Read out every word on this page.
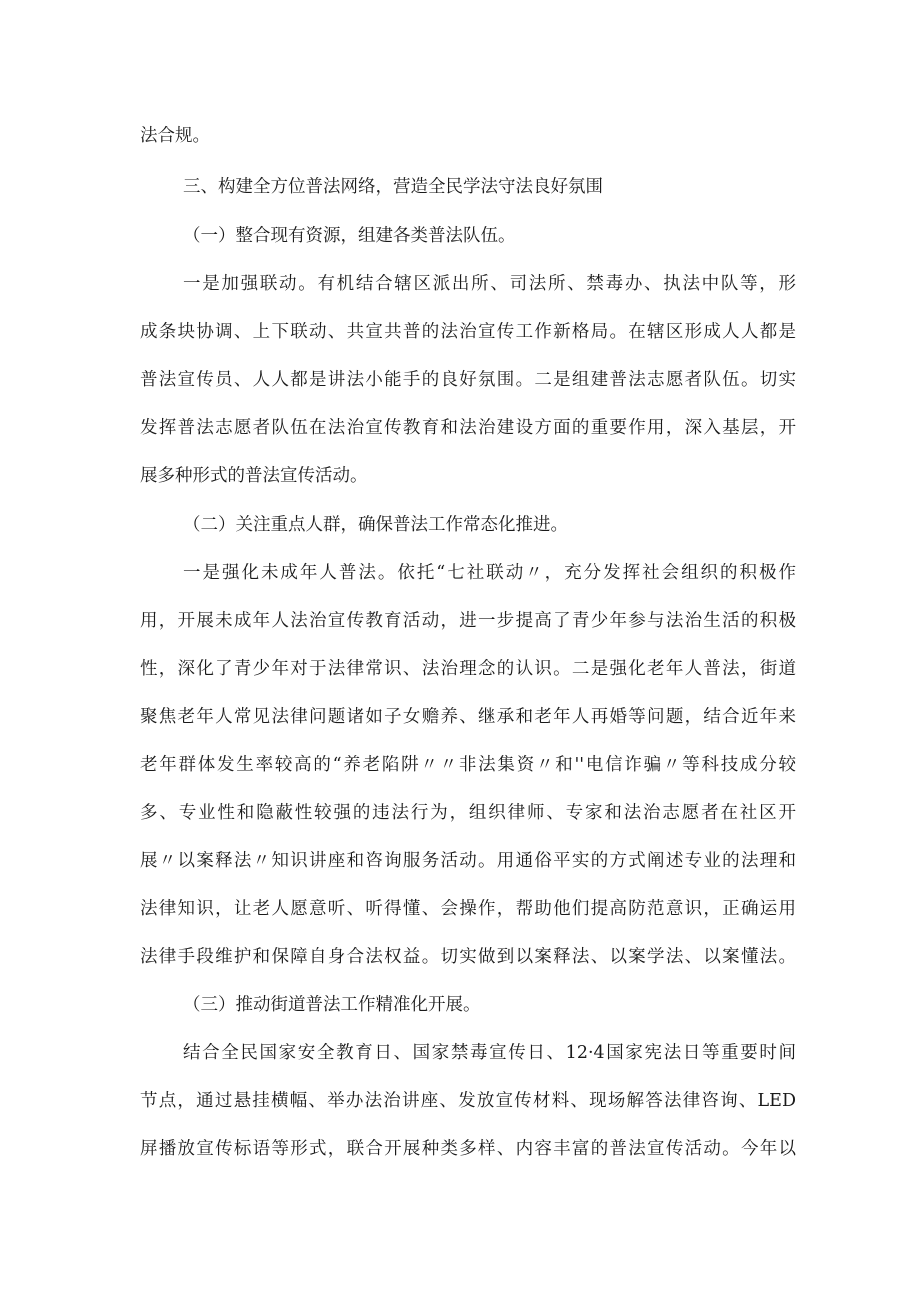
法合规。

三、构建全方位普法网络，营造全民学法守法良好氛围

（一）整合现有资源，组建各类普法队伍。

一是加强联动。有机结合辖区派出所、司法所、禁毒办、执法中队等，形

成条块协调、上下联动、共宣共普的法治宣传工作新格局。在辖区形成人人都是

普法宣传员、人人都是讲法小能手的良好氛围。二是组建普法志愿者队伍。切实

发挥普法志愿者队伍在法治宣传教育和法治建设方面的重要作用，深入基层，开

展多种形式的普法宣传活动。

（二）关注重点人群，确保普法工作常态化推进。

一是强化未成年人普法。依托“七社联动〃，充分发挥社会组织的积极作

用，开展未成年人法治宣传教育活动，进一步提高了青少年参与法治生活的积极

性，深化了青少年对于法律常识、法治理念的认识。二是强化老年人普法，街道

聚焦老年人常见法律问题诸如子女赡养、继承和老年人再婚等问题，结合近年来

老年群体发生率较高的“养老陷阱〃〃非法集资〃和''电信诈骗〃等科技成分较

多、专业性和隐蔽性较强的违法行为，组织律师、专家和法治志愿者在社区开

展〃以案释法〃知识讲座和咨询服务活动。用通俗平实的方式阐述专业的法理和

法律知识，让老人愿意听、听得懂、会操作，帮助他们提高防范意识，正确运用

法律手段维护和保障自身合法权益。切实做到以案释法、以案学法、以案懂法。

（三）推动街道普法工作精准化开展。

结合全民国家安全教育日、国家禁毒宣传日、12·4国家宪法日等重要时间

节点，通过悬挂横幅、举办法治讲座、发放宣传材料、现场解答法律咨询、LED

屏播放宣传标语等形式，联合开展种类多样、内容丰富的普法宣传活动。今年以
